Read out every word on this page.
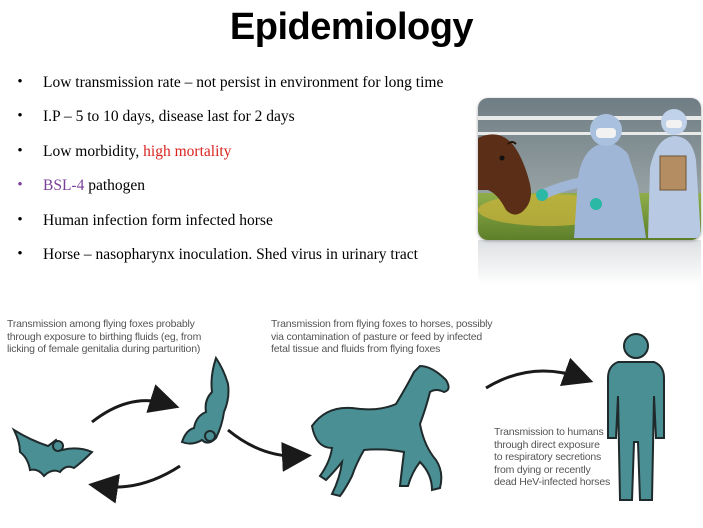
Epidemiology
• Low transmission rate – not persist in environment for long time
• I.P – 5 to 10 days, disease last for 2 days
• Low morbidity, high mortality
• BSL-4 pathogen
• Human infection form infected horse
• Horse – nasopharynx inoculation. Shed virus in urinary tract
Transmission among flying foxes probably
through exposure to birthing fluids (eg, from
licking of female genitalia during parturition)
Transmission from flying foxes to horses, possibly
via contamination of pasture or feed by infected
fetal tissue and fluids from flying foxes
Transmission to humans
through direct exposure
to respiratory secretions
from dying or recently
dead HeV-infected horses
